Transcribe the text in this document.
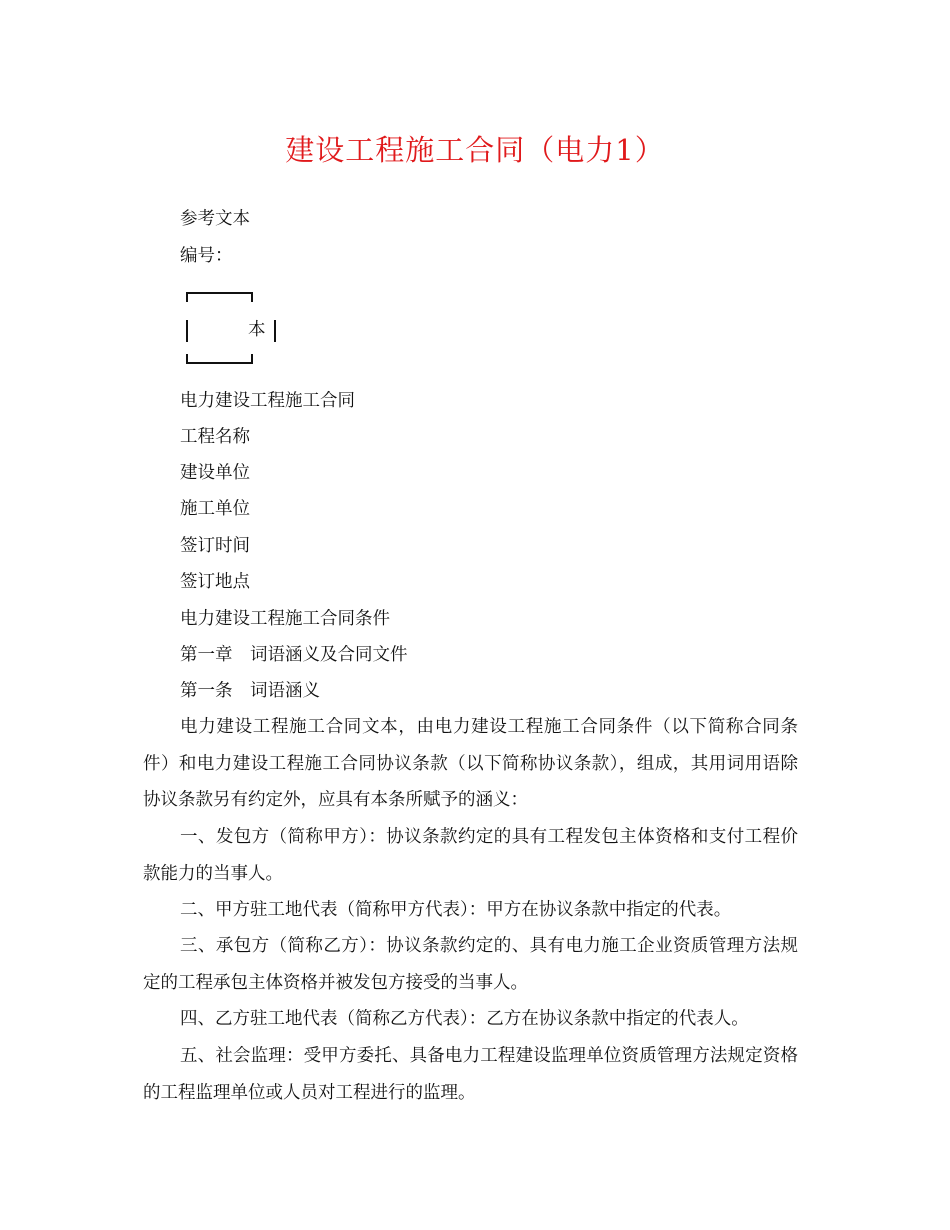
建设工程施工合同（电力1）
参考文本
编号：
本
电力建设工程施工合同
工程名称
建设单位
施工单位
签订时间
签订地点
电力建设工程施工合同条件
第一章　词语涵义及合同文件
第一条　词语涵义

电力建设工程施工合同文本，由电力建设工程施工合同条件（以下简称合同条件）和电力建设工程施工合同协议条款（以下简称协议条款），组成，其用词用语除协议条款另有约定外，应具有本条所赋予的涵义：

一、发包方（简称甲方）：协议条款约定的具有工程发包主体资格和支付工程价款能力的当事人。

二、甲方驻工地代表（简称甲方代表）：甲方在协议条款中指定的代表。

三、承包方（简称乙方）：协议条款约定的、具有电力施工企业资质管理方法规定的工程承包主体资格并被发包方接受的当事人。

四、乙方驻工地代表（简称乙方代表）：乙方在协议条款中指定的代表人。

五、社会监理：受甲方委托、具备电力工程建设监理单位资质管理方法规定资格的工程监理单位或人员对工程进行的监理。
